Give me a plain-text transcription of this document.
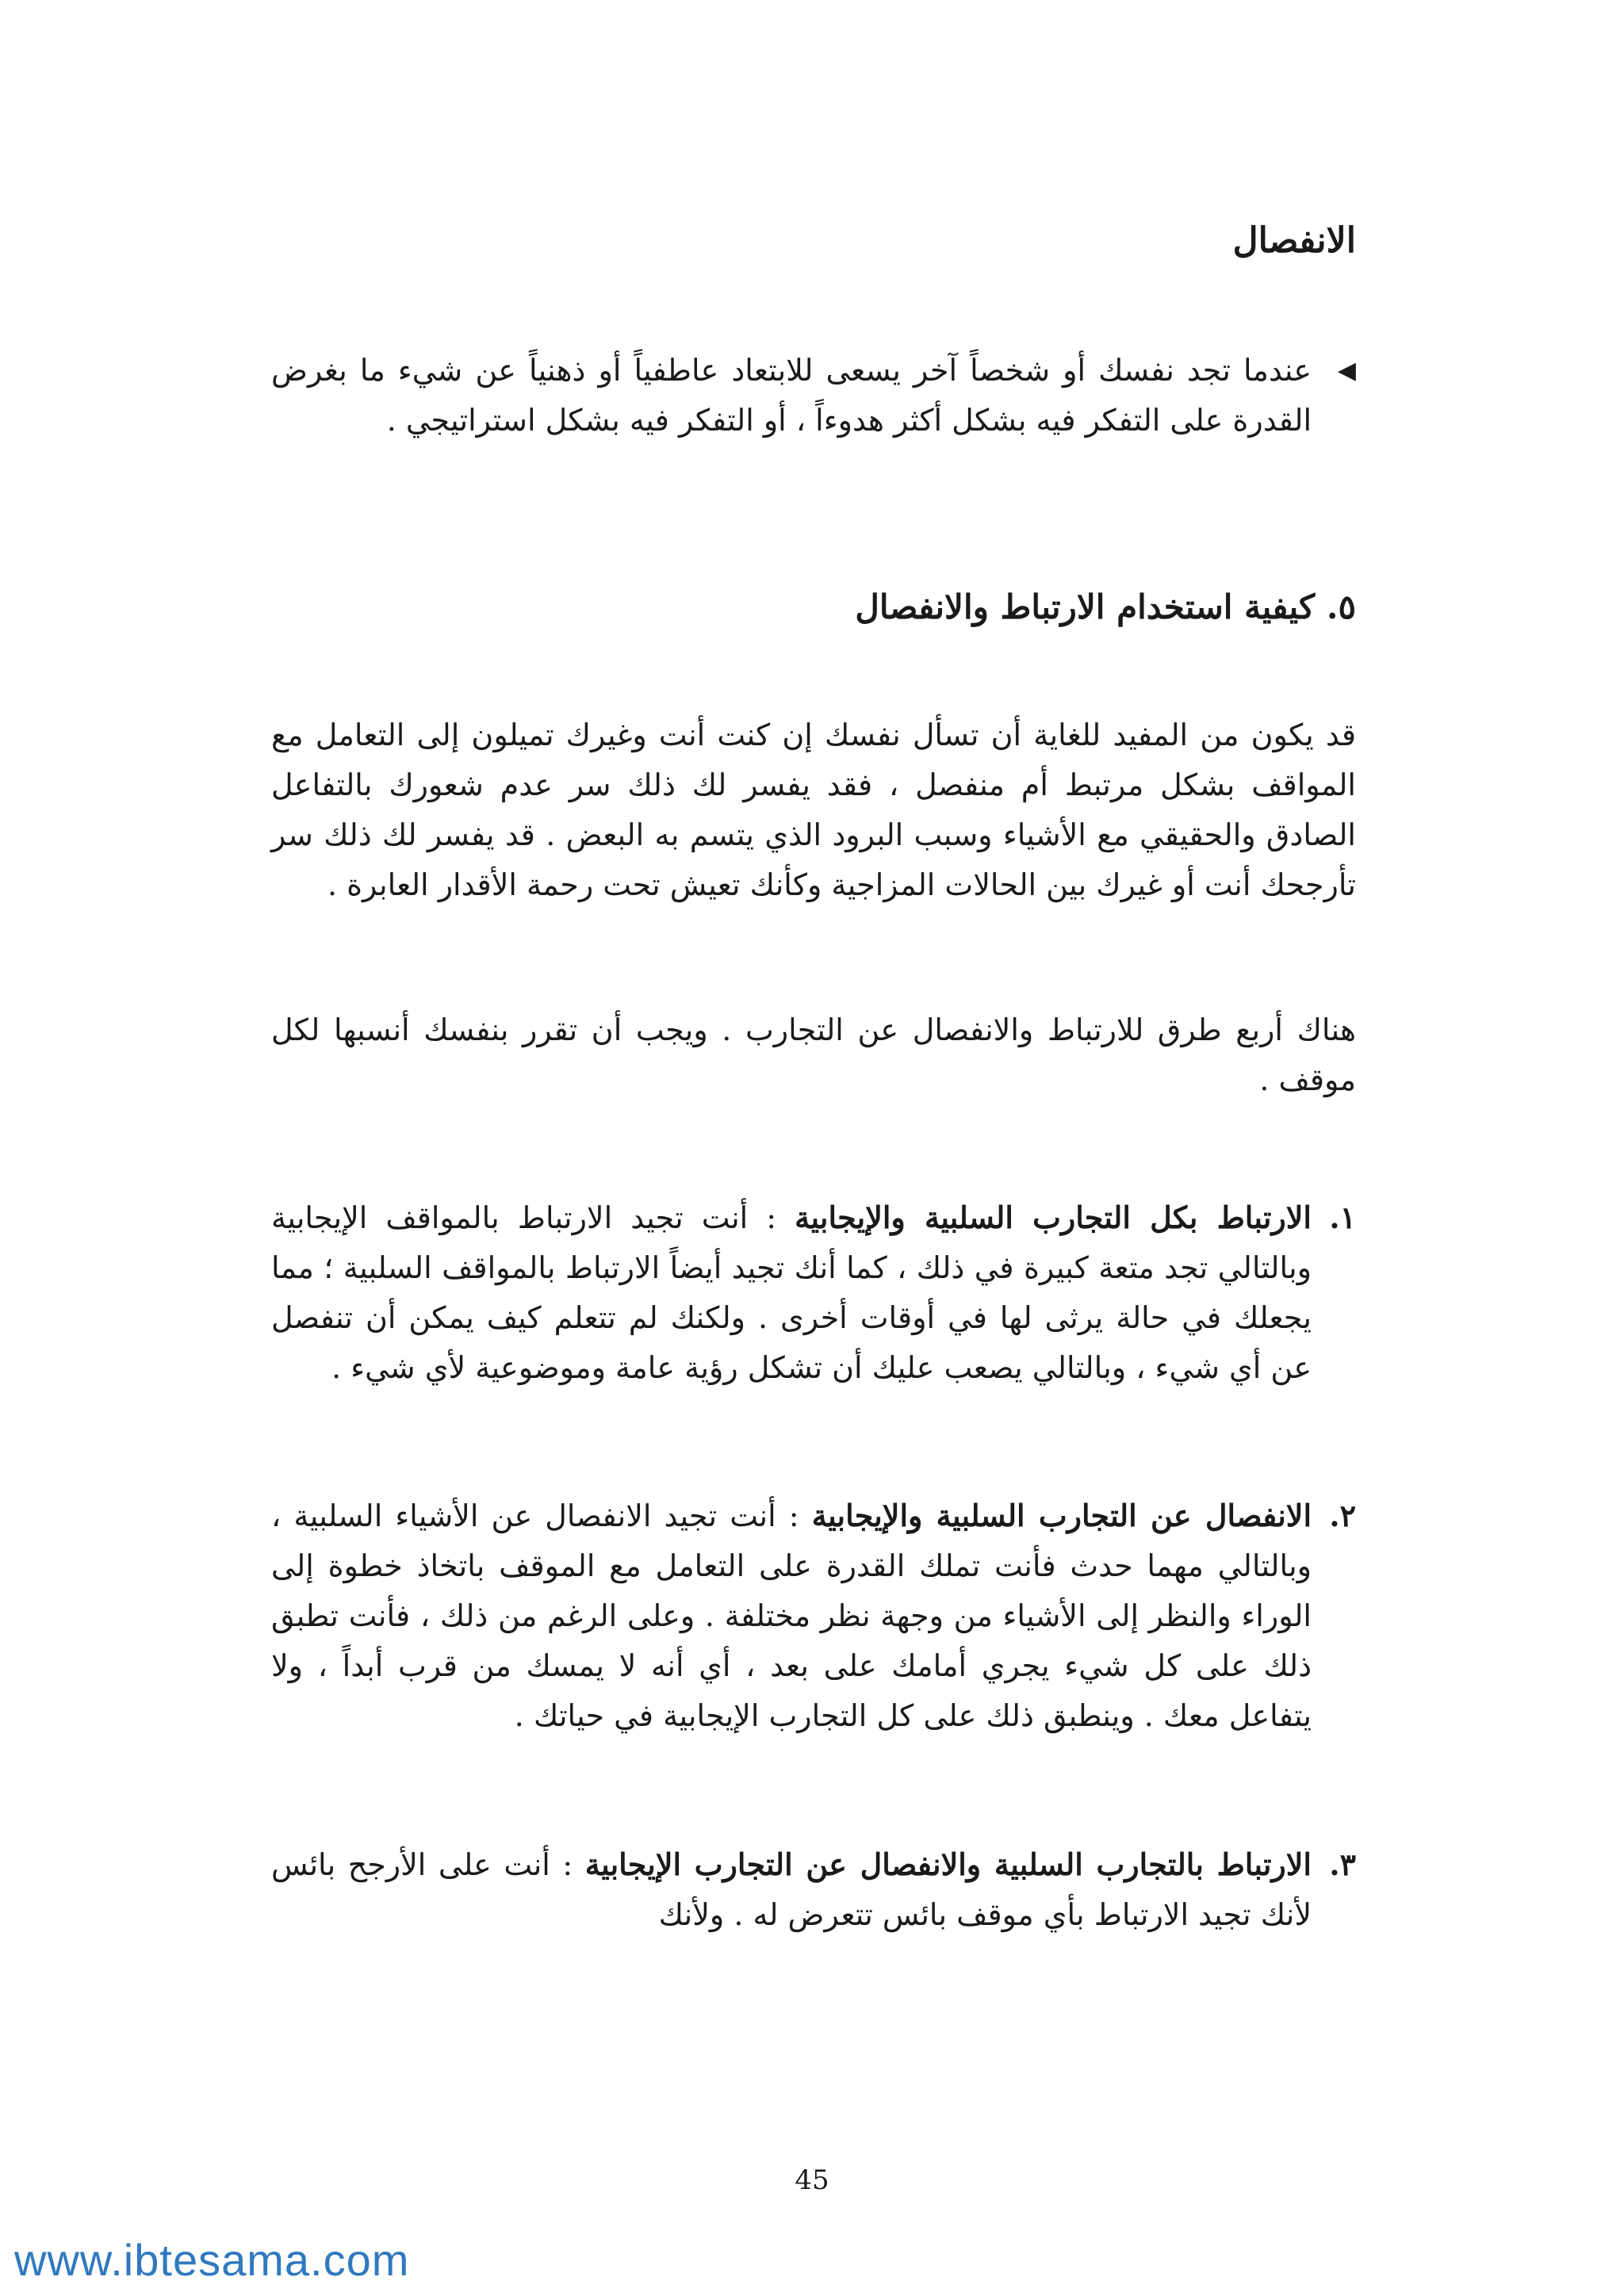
الانفصال
◀
عندما تجد نفسك أو شخصاً آخر يسعى للابتعاد عاطفياً أو ذهنياً عن شيء ما بغرض القدرة على التفكر فيه بشكل أكثر هدوءاً ، أو التفكر فيه بشكل استراتيجي .
٥. كيفية استخدام الارتباط والانفصال
قد يكون من المفيد للغاية أن تسأل نفسك إن كنت أنت وغيرك تميلون إلى التعامل مع المواقف بشكل مرتبط أم منفصل ، فقد يفسر لك ذلك سر عدم شعورك بالتفاعل الصادق والحقيقي مع الأشياء وسبب البرود الذي يتسم به البعض . قد يفسر لك ذلك سر تأرجحك أنت أو غيرك بين الحالات المزاجية وكأنك تعيش تحت رحمة الأقدار العابرة .
هناك أربع طرق للارتباط والانفصال عن التجارب . ويجب أن تقرر بنفسك أنسبها لكل موقف .
١.
الارتباط بكل التجارب السلبية والإيجابية : أنت تجيد الارتباط بالمواقف الإيجابية وبالتالي تجد متعة كبيرة في ذلك ، كما أنك تجيد أيضاً الارتباط بالمواقف السلبية ؛ مما يجعلك في حالة يرثى لها في أوقات أخرى . ولكنك لم تتعلم كيف يمكن أن تنفصل عن أي شيء ، وبالتالي يصعب عليك أن تشكل رؤية عامة وموضوعية لأي شيء .
٢.
الانفصال عن التجارب السلبية والإيجابية : أنت تجيد الانفصال عن الأشياء السلبية ، وبالتالي مهما حدث فأنت تملك القدرة على التعامل مع الموقف باتخاذ خطوة إلى الوراء والنظر إلى الأشياء من وجهة نظر مختلفة . وعلى الرغم من ذلك ، فأنت تطبق ذلك على كل شيء يجري أمامك على بعد ، أي أنه لا يمسك من قرب أبداً ، ولا يتفاعل معك . وينطبق ذلك على كل التجارب الإيجابية في حياتك .
٣.
الارتباط بالتجارب السلبية والانفصال عن التجارب الإيجابية : أنت على الأرجح بائس لأنك تجيد الارتباط بأي موقف بائس تتعرض له . ولأنك
45
www.ibtesama.com
